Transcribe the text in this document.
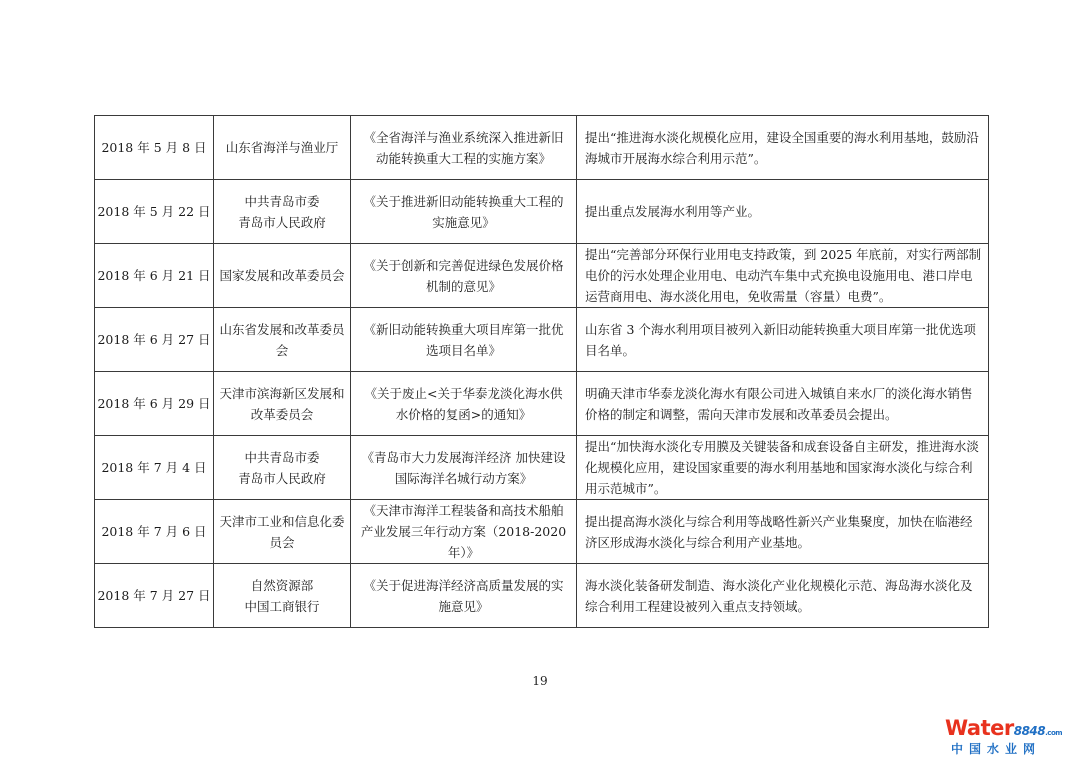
2018 年 5 月 8 日	山东省海洋与渔业厅	《全省海洋与渔业系统深入推进新旧动能转换重大工程的实施方案》	提出“推进海水淡化规模化应用，建设全国重要的海水利用基地，鼓励沿海城市开展海水综合利用示范”。
2018 年 5 月 22 日	中共青岛市委
青岛市人民政府	《关于推进新旧动能转换重大工程的实施意见》	提出重点发展海水利用等产业。
2018 年 6 月 21 日	国家发展和改革委员会	《关于创新和完善促进绿色发展价格机制的意见》	提出“完善部分环保行业用电支持政策，到 2025 年底前，对实行两部制电价的污水处理企业用电、电动汽车集中式充换电设施用电、港口岸电运营商用电、海水淡化用电，免收需量（容量）电费”。
2018 年 6 月 27 日	山东省发展和改革委员会	《新旧动能转换重大项目库第一批优选项目名单》	山东省 3 个海水利用项目被列入新旧动能转换重大项目库第一批优选项目名单。
2018 年 6 月 29 日	天津市滨海新区发展和改革委员会	《关于废止<关于华泰龙淡化海水供水价格的复函>的通知》	明确天津市华泰龙淡化海水有限公司进入城镇自来水厂的淡化海水销售价格的制定和调整，需向天津市发展和改革委员会提出。
2018 年 7 月 4 日	中共青岛市委
青岛市人民政府	《青岛市大力发展海洋经济 加快建设国际海洋名城行动方案》	提出“加快海水淡化专用膜及关键装备和成套设备自主研发，推进海水淡化规模化应用，建设国家重要的海水利用基地和国家海水淡化与综合利用示范城市”。
2018 年 7 月 6 日	天津市工业和信息化委员会	《天津市海洋工程装备和高技术船舶产业发展三年行动方案（2018-2020 年）》	提出提高海水淡化与综合利用等战略性新兴产业集聚度，加快在临港经济区形成海水淡化与综合利用产业基地。
2018 年 7 月 27 日	自然资源部
中国工商银行	《关于促进海洋经济高质量发展的实施意见》	海水淡化装备研发制造、海水淡化产业化规模化示范、海岛海水淡化及综合利用工程建设被列入重点支持领域。
19
Water8848.com
中国水业网
